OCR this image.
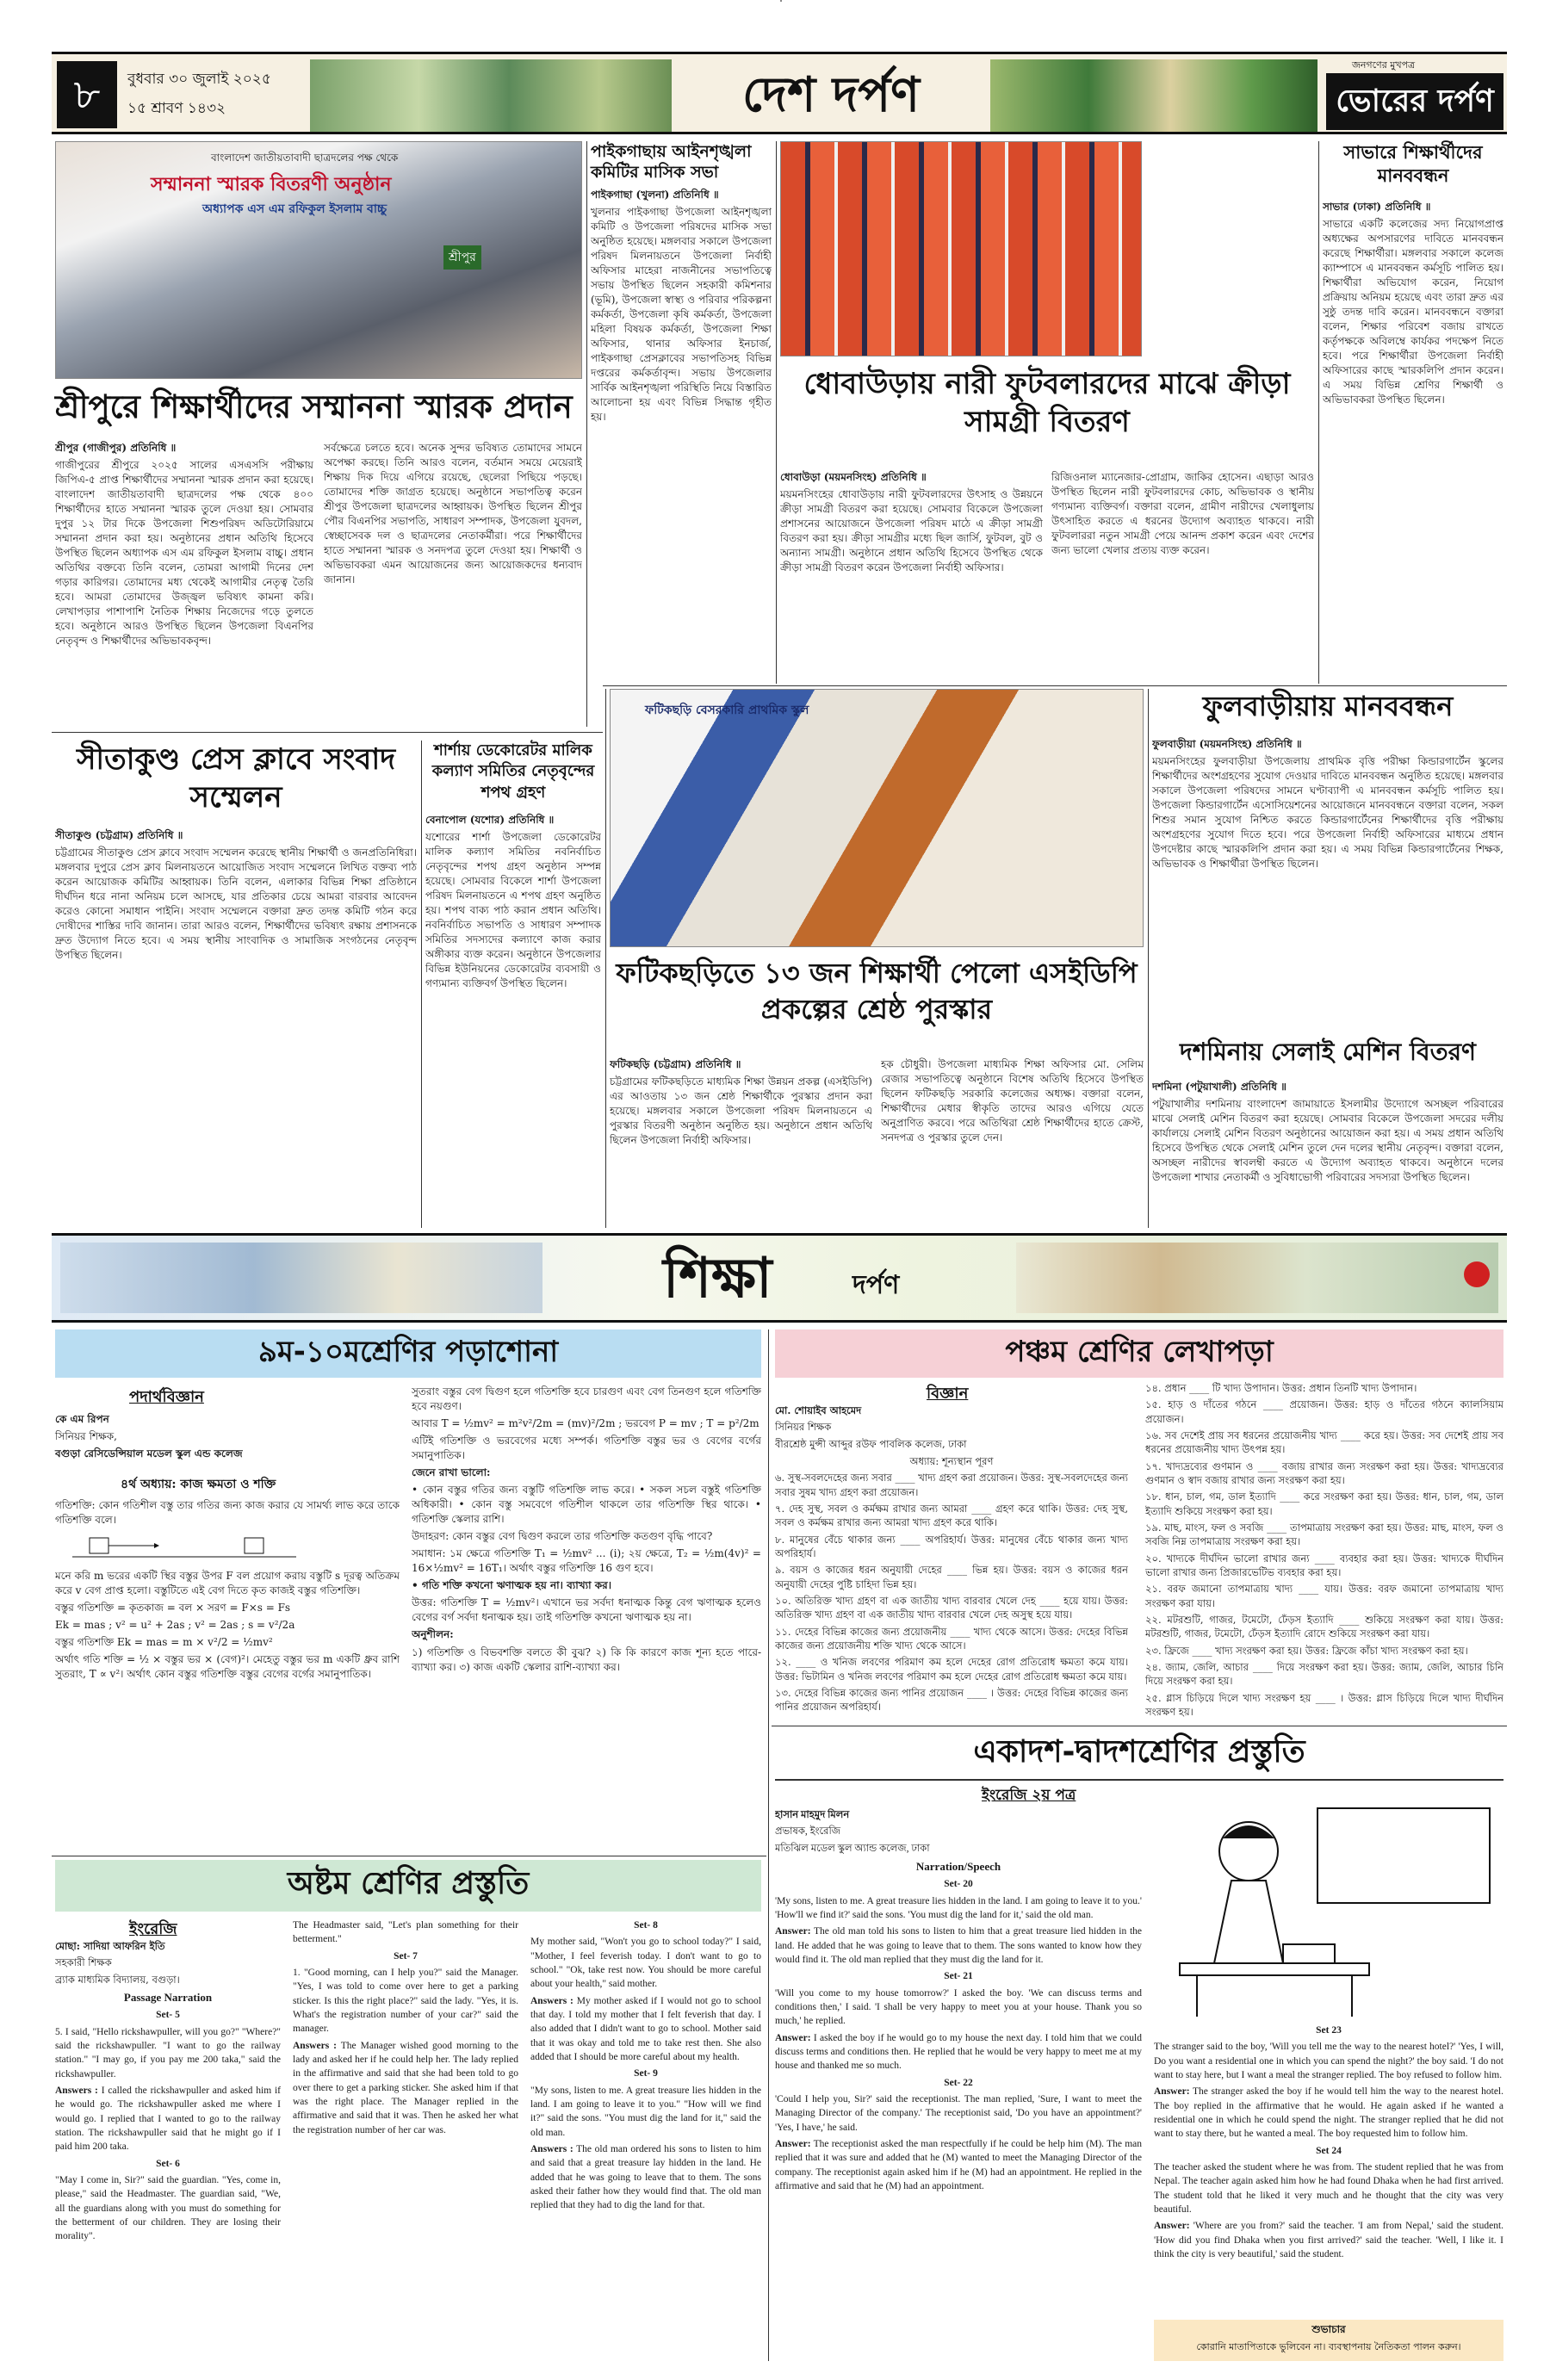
৮	বুধবার ৩০ জুলাই ২০২৫
১৫ শ্রাবণ ১৪৩২	দেশ দর্পণ
জনগণের মুখপত্র
ভোরের দর্পণ
বাংলাদেশ জাতীয়তাবাদী ছাত্রদলের পক্ষ থেকে
সম্মাননা স্মারক বিতরণী অনুষ্ঠান
অধ্যাপক এস এম রফিকুল ইসলাম বাচ্চু
শ্রীপুর
শ্রীপুরে শিক্ষার্থীদের সম্মাননা স্মারক প্রদান

শ্রীপুর (গাজীপুর) প্রতিনিধি ॥

গাজীপুরের শ্রীপুরে ২০২৫ সালের এসএসসি পরীক্ষায় জিপিএ-৫ প্রাপ্ত শিক্ষার্থীদের সম্মাননা স্মারক প্রদান করা হয়েছে। বাংলাদেশ জাতীয়তাবাদী ছাত্রদলের পক্ষ থেকে ৪০০ শিক্ষার্থীদের হাতে সম্মাননা স্মারক তুলে দেওয়া হয়। সোমবার দুপুর ১২ টার দিকে উপজেলা শিশুপরিষদ অডিটোরিয়ামে সম্মাননা প্রদান করা হয়। অনুষ্ঠানের প্রধান অতিথি হিসেবে উপস্থিত ছিলেন অধ্যাপক এস এম রফিকুল ইসলাম বাচ্চু। প্রধান অতিথির বক্তব্যে তিনি বলেন, তোমরা আগামী দিনের দেশ গড়ার কারিগর। তোমাদের মধ্য থেকেই আগামীর নেতৃত্ব তৈরি হবে। আমরা তোমাদের উজ্জ্বল ভবিষ্যৎ কামনা করি। লেখাপড়ার পাশাপাশি নৈতিক শিক্ষায় নিজেদের গড়ে তুলতে হবে। অনুষ্ঠানে আরও উপস্থিত ছিলেন উপজেলা বিএনপির নেতৃবৃন্দ ও শিক্ষার্থীদের অভিভাবকবৃন্দ।

সর্বক্ষেত্রে চলতে হবে। অনেক সুন্দর ভবিষ্যত তোমাদের সামনে অপেক্ষা করছে। তিনি আরও বলেন, বর্তমান সময়ে মেয়েরাই শিক্ষায় দিক দিয়ে এগিয়ে রয়েছে, ছেলেরা পিছিয়ে পড়ছে। তোমাদের শক্তি জাগ্রত হয়েছে। অনুষ্ঠানে সভাপতিত্ব করেন শ্রীপুর উপজেলা ছাত্রদলের আহ্বায়ক। উপস্থিত ছিলেন শ্রীপুর পৌর বিএনপির সভাপতি, সাধারণ সম্পাদক, উপজেলা যুবদল, স্বেচ্ছাসেবক দল ও ছাত্রদলের নেতাকর্মীরা। পরে শিক্ষার্থীদের হাতে সম্মাননা স্মারক ও সনদপত্র তুলে দেওয়া হয়। শিক্ষার্থী ও অভিভাবকরা এমন আয়োজনের জন্য আয়োজকদের ধন্যবাদ জানান।

পাইকগাছায় আইনশৃঙ্খলা কমিটির মাসিক সভা

পাইকগাছা (খুলনা) প্রতিনিধি ॥

খুলনার পাইকগাছা উপজেলা আইনশৃঙ্খলা কমিটি ও উপজেলা পরিষদের মাসিক সভা অনুষ্ঠিত হয়েছে। মঙ্গলবার সকালে উপজেলা পরিষদ মিলনায়তনে উপজেলা নির্বাহী অফিসার মাহেরা নাজনীনের সভাপতিত্বে সভায় উপস্থিত ছিলেন সহকারী কমিশনার (ভূমি), উপজেলা স্বাস্থ্য ও পরিবার পরিকল্পনা কর্মকর্তা, উপজেলা কৃষি কর্মকর্তা, উপজেলা মহিলা বিষয়ক কর্মকর্তা, উপজেলা শিক্ষা অফিসার, থানার অফিসার ইনচার্জ, পাইকগাছা প্রেসক্লাবের সভাপতিসহ বিভিন্ন দপ্তরের কর্মকর্তাবৃন্দ। সভায় উপজেলার সার্বিক আইনশৃঙ্খলা পরিস্থিতি নিয়ে বিস্তারিত আলোচনা হয় এবং বিভিন্ন সিদ্ধান্ত গৃহীত হয়।

ধোবাউড়ায় নারী ফুটবলারদের মাঝে ক্রীড়া সামগ্রী বিতরণ

ধোবাউড়া (ময়মনসিংহ) প্রতিনিধি ॥

ময়মনসিংহের ধোবাউড়ায় নারী ফুটবলারদের উৎসাহ ও উন্নয়নে ক্রীড়া সামগ্রী বিতরণ করা হয়েছে। সোমবার বিকেলে উপজেলা প্রশাসনের আয়োজনে উপজেলা পরিষদ মাঠে এ ক্রীড়া সামগ্রী বিতরণ করা হয়। ক্রীড়া সামগ্রীর মধ্যে ছিল জার্সি, ফুটবল, বুট ও অন্যান্য সামগ্রী। অনুষ্ঠানে প্রধান অতিথি হিসেবে উপস্থিত থেকে ক্রীড়া সামগ্রী বিতরণ করেন উপজেলা নির্বাহী অফিসার।

রিজিওনাল ম্যানেজার-প্রোগ্রাম, জাকির হোসেন। এছাড়া আরও উপস্থিত ছিলেন নারী ফুটবলারদের কোচ, অভিভাবক ও স্থানীয় গণ্যমান্য ব্যক্তিবর্গ। বক্তারা বলেন, গ্রামীণ নারীদের খেলাধুলায় উৎসাহিত করতে এ ধরনের উদ্যোগ অব্যাহত থাকবে। নারী ফুটবলাররা নতুন সামগ্রী পেয়ে আনন্দ প্রকাশ করেন এবং দেশের জন্য ভালো খেলার প্রত্যয় ব্যক্ত করেন।

সাভারে শিক্ষার্থীদের মানববন্ধন

সাভার (ঢাকা) প্রতিনিধি ॥

সাভারে একটি কলেজের সদ্য নিয়োগপ্রাপ্ত অধ্যক্ষের অপসারণের দাবিতে মানববন্ধন করেছে শিক্ষার্থীরা। মঙ্গলবার সকালে কলেজ ক্যাম্পাসে এ মানববন্ধন কর্মসূচি পালিত হয়। শিক্ষার্থীরা অভিযোগ করেন, নিয়োগ প্রক্রিয়ায় অনিয়ম হয়েছে এবং তারা দ্রুত এর সুষ্ঠু তদন্ত দাবি করেন। মানববন্ধনে বক্তারা বলেন, শিক্ষার পরিবেশ বজায় রাখতে কর্তৃপক্ষকে অবিলম্বে কার্যকর পদক্ষেপ নিতে হবে। পরে শিক্ষার্থীরা উপজেলা নির্বাহী অফিসারের কাছে স্মারকলিপি প্রদান করেন। এ সময় বিভিন্ন শ্রেণির শিক্ষার্থী ও অভিভাবকরা উপস্থিত ছিলেন।

সীতাকুণ্ড প্রেস ক্লাবে সংবাদ সম্মেলন

সীতাকুণ্ড (চট্টগ্রাম) প্রতিনিধি ॥

চট্টগ্রামের সীতাকুণ্ড প্রেস ক্লাবে সংবাদ সম্মেলন করেছে স্থানীয় শিক্ষার্থী ও জনপ্রতিনিধিরা। মঙ্গলবার দুপুরে প্রেস ক্লাব মিলনায়তনে আয়োজিত সংবাদ সম্মেলনে লিখিত বক্তব্য পাঠ করেন আয়োজক কমিটির আহ্বায়ক। তিনি বলেন, এলাকার বিভিন্ন শিক্ষা প্রতিষ্ঠানে দীর্ঘদিন ধরে নানা অনিয়ম চলে আসছে, যার প্রতিকার চেয়ে আমরা বারবার আবেদন করেও কোনো সমাধান পাইনি। সংবাদ সম্মেলনে বক্তারা দ্রুত তদন্ত কমিটি গঠন করে দোষীদের শাস্তির দাবি জানান। তারা আরও বলেন, শিক্ষার্থীদের ভবিষ্যৎ রক্ষায় প্রশাসনকে দ্রুত উদ্যোগ নিতে হবে। এ সময় স্থানীয় সাংবাদিক ও সামাজিক সংগঠনের নেতৃবৃন্দ উপস্থিত ছিলেন।

শার্শায় ডেকোরেটর মালিক কল্যাণ সমিতির নেতৃবৃন্দের শপথ গ্রহণ

বেনাপোল (যশোর) প্রতিনিধি ॥

যশোরের শার্শা উপজেলা ডেকোরেটর মালিক কল্যাণ সমিতির নবনির্বাচিত নেতৃবৃন্দের শপথ গ্রহণ অনুষ্ঠান সম্পন্ন হয়েছে। সোমবার বিকেলে শার্শা উপজেলা পরিষদ মিলনায়তনে এ শপথ গ্রহণ অনুষ্ঠিত হয়। শপথ বাক্য পাঠ করান প্রধান অতিথি। নবনির্বাচিত সভাপতি ও সাধারণ সম্পাদক সমিতির সদস্যদের কল্যাণে কাজ করার অঙ্গীকার ব্যক্ত করেন। অনুষ্ঠানে উপজেলার বিভিন্ন ইউনিয়নের ডেকোরেটর ব্যবসায়ী ও গণ্যমান্য ব্যক্তিবর্গ উপস্থিত ছিলেন।

ফটিকছড়ি বেসরকারি প্রাথমিক স্কুল
ফটিকছড়িতে ১৩ জন শিক্ষার্থী পেলো এসইডিপি প্রকল্পের শ্রেষ্ঠ পুরস্কার

ফটিকছড়ি (চট্টগ্রাম) প্রতিনিধি ॥

চট্টগ্রামের ফটিকছড়িতে মাধ্যমিক শিক্ষা উন্নয়ন প্রকল্প (এসইডিপি) এর আওতায় ১৩ জন শ্রেষ্ঠ শিক্ষার্থীকে পুরস্কার প্রদান করা হয়েছে। মঙ্গলবার সকালে উপজেলা পরিষদ মিলনায়তনে এ পুরস্কার বিতরণী অনুষ্ঠান অনুষ্ঠিত হয়। অনুষ্ঠানে প্রধান অতিথি ছিলেন উপজেলা নির্বাহী অফিসার।

হক চৌধুরী। উপজেলা মাধ্যমিক শিক্ষা অফিসার মো. সেলিম রেজার সভাপতিত্বে অনুষ্ঠানে বিশেষ অতিথি হিসেবে উপস্থিত ছিলেন ফটিকছড়ি সরকারি কলেজের অধ্যক্ষ। বক্তারা বলেন, শিক্ষার্থীদের মেধার স্বীকৃতি তাদের আরও এগিয়ে যেতে অনুপ্রাণিত করবে। পরে অতিথিরা শ্রেষ্ঠ শিক্ষার্থীদের হাতে ক্রেস্ট, সনদপত্র ও পুরস্কার তুলে দেন।

ফুলবাড়ীয়ায় মানববন্ধন

ফুলবাড়ীয়া (ময়মনসিংহ) প্রতিনিধি ॥

ময়মনসিংহের ফুলবাড়ীয়া উপজেলায় প্রাথমিক বৃত্তি পরীক্ষা কিন্ডারগার্টেন স্কুলের শিক্ষার্থীদের অংশগ্রহণের সুযোগ দেওয়ার দাবিতে মানববন্ধন অনুষ্ঠিত হয়েছে। মঙ্গলবার সকালে উপজেলা পরিষদের সামনে ঘণ্টাব্যাপী এ মানববন্ধন কর্মসূচি পালিত হয়। উপজেলা কিন্ডারগার্টেন এসোসিয়েশনের আয়োজনে মানববন্ধনে বক্তারা বলেন, সকল শিশুর সমান সুযোগ নিশ্চিত করতে কিন্ডারগার্টেনের শিক্ষার্থীদের বৃত্তি পরীক্ষায় অংশগ্রহণের সুযোগ দিতে হবে। পরে উপজেলা নির্বাহী অফিসারের মাধ্যমে প্রধান উপদেষ্টার কাছে স্মারকলিপি প্রদান করা হয়। এ সময় বিভিন্ন কিন্ডারগার্টেনের শিক্ষক, অভিভাবক ও শিক্ষার্থীরা উপস্থিত ছিলেন।

দশমিনায় সেলাই মেশিন বিতরণ

দশমিনা (পটুয়াখালী) প্রতিনিধি ॥

পটুয়াখালীর দশমিনায় বাংলাদেশ জামায়াতে ইসলামীর উদ্যোগে অসচ্ছল পরিবারের মাঝে সেলাই মেশিন বিতরণ করা হয়েছে। সোমবার বিকেলে উপজেলা সদরের দলীয় কার্যালয়ে সেলাই মেশিন বিতরণ অনুষ্ঠানের আয়োজন করা হয়। এ সময় প্রধান অতিথি হিসেবে উপস্থিত থেকে সেলাই মেশিন তুলে দেন দলের স্থানীয় নেতৃবৃন্দ। বক্তারা বলেন, অসচ্ছল নারীদের স্বাবলম্বী করতে এ উদ্যোগ অব্যাহত থাকবে। অনুষ্ঠানে দলের উপজেলা শাখার নেতাকর্মী ও সুবিধাভোগী পরিবারের সদস্যরা উপস্থিত ছিলেন।

শিক্ষা	দর্পণ
৯ম-১০মশ্রেণির পড়াশোনা
পদার্থবিজ্ঞান

কে এম রিপন

সিনিয়র শিক্ষক,

বগুড়া রেসিডেন্সিয়াল মডেল স্কুল এন্ড কলেজ

৪র্থ অধ্যায়: কাজ ক্ষমতা ও শক্তি

গতিশক্তি: কোন গতিশীল বস্তু তার গতির জন্য কাজ করার যে সামর্থ্য লাভ করে তাকে গতিশক্তি বলে।

মনে করি m ভরের একটি স্থির বস্তুর উপর F বল প্রয়োগ করায় বস্তুটি s দূরত্ব অতিক্রম করে v বেগ প্রাপ্ত হলো। বস্তুটিতে এই বেগ দিতে কৃত কাজই বস্তুর গতিশক্তি।

বস্তুর গতিশক্তি = কৃতকাজ = বল × সরণ = F×s = Fs

Ek = mas ; v² = u² + 2as ; v² = 2as ; s = v²/2a

বস্তুর গতিশক্তি Ek = mas = m × v²/2 = ½mv²

অর্থাৎ গতি শক্তি = ½ × বস্তুর ভর × (বেগ)²। মেহেতু বস্তুর ভর m একটি ধ্রুব রাশি সুতরাং, T ∝ v²। অর্থাৎ কোন বস্তুর গতিশক্তি বস্তুর বেগের বর্গের সমানুপাতিক।

সুতরাং বস্তুর বেগ দ্বিগুণ হলে গতিশক্তি হবে চারগুণ এবং বেগ তিনগুণ হলে গতিশক্তি হবে নয়গুণ।

আবার T = ½mv² = m²v²/2m = (mv)²/2m ; ভরবেগ P = mv ; T = p²/2m

এটিই গতিশক্তি ও ভরবেগের মধ্যে সম্পর্ক। গতিশক্তি বস্তুর ভর ও বেগের বর্গের সমানুপাতিক।

জেনে রাখা ভালো:

• কোন বস্তুর গতির জন্য বস্তুটি গতিশক্তি লাভ করে। • সকল সচল বস্তুই গতিশক্তি অধিকারী। • কোন বস্তু সমবেগে গতিশীল থাকলে তার গতিশক্তি স্থির থাকে। • গতিশক্তি স্কেলার রাশি।

উদাহরণ: কোন বস্তুর বেগ দ্বিগুণ করলে তার গতিশক্তি কতগুণ বৃদ্ধি পাবে?

সমাধান: ১ম ক্ষেত্রে গতিশক্তি T₁ = ½mv² ... (i); ২য় ক্ষেত্রে, T₂ = ½m(4v)² = 16×½mv² = 16T₁। অর্থাৎ বস্তুর গতিশক্তি 16 গুণ হবে।

• গতি শক্তি কখনো ঋণাত্মক হয় না। ব্যাখ্যা কর।

উত্তর: গতিশক্তি T = ½mv²। এখানে ভর সর্বদা ধনাত্মক কিন্তু বেগ ঋণাত্মক হলেও বেগের বর্গ সর্বদা ধনাত্মক হয়। তাই গতিশক্তি কখনো ঋণাত্মক হয় না।

অনুশীলন:

১) গতিশক্তি ও বিভবশক্তি বলতে কী বুঝ? ২) কি কি কারণে কাজ শূন্য হতে পারে-ব্যাখ্যা কর। ৩) কাজ একটি স্কেলার রাশি-ব্যাখ্যা কর।

অষ্টম শ্রেণির প্রস্তুতি
ইংরেজি

মোছা: সাদিয়া আফরিন ইতি

সহকারী শিক্ষক

ব্র্যাক মাধ্যমিক বিদ্যালয়, বগুড়া।

Passage Narration

Set- 5

5. I said, "Hello rickshawpuller, will you go?" "Where?" said the rickshawpuller. "I want to go the railway station." "I may go, if you pay me 200 taka," said the rickshawpuller.

Answers : I called the rickshawpuller and asked him if he would go. The rickshawpuller asked me where I would go. I replied that I wanted to go to the railway station. The rickshawpuller said that he might go if I paid him 200 taka.

Set- 6

"May I come in, Sir?" said the guardian. "Yes, come in, please," said the Headmaster. The guardian said, "We, all the guardians along with you must do something for the betterment of our children. They are losing their morality".

The Headmaster said, "Let's plan something for their betterment."

Set- 7

1. "Good morning, can I help you?" said the Manager. "Yes, I was told to come over here to get a parking sticker. Is this the right place?" said the lady. "Yes, it is. What's the registration number of your car?" said the manager.

Answers : The Manager wished good morning to the lady and asked her if he could help her. The lady replied in the affirmative and said that she had been told to go over there to get a parking sticker. She asked him if that was the right place. The Manager replied in the affirmative and said that it was. Then he asked her what the registration number of her car was.

Set- 8

My mother said, "Won't you go to school today?" I said, "Mother, I feel feverish today. I don't want to go to school." "Ok, take rest now. You should be more careful about your health," said mother.

Answers : My mother asked if I would not go to school that day. I told my mother that I felt feverish that day. I also added that I didn't want to go to school. Mother said that it was okay and told me to take rest then. She also added that I should be more careful about my health.

Set- 9

"My sons, listen to me. A great treasure lies hidden in the land. I am going to leave it to you." "How will we find it?" said the sons. "You must dig the land for it," said the old man.

Answers : The old man ordered his sons to listen to him and said that a great treasure lay hidden in the land. He added that he was going to leave that to them. The sons asked their father how they would find that. The old man replied that they had to dig the land for that.

পঞ্চম শ্রেণির লেখাপড়া
বিজ্ঞান

মো. শোয়াইব আহমেদ

সিনিয়র শিক্ষক

বীরশ্রেষ্ঠ মুন্সী আব্দুর রউফ পাবলিক কলেজ, ঢাকা

অধ্যায়: শূন্যস্থান পূরণ

৬. সুস্থ-সবলদেহের জন্য সবার ____ খাদ্য গ্রহণ করা প্রয়োজন। উত্তর: সুস্থ-সবলদেহের জন্য সবার সুষম খাদ্য গ্রহণ করা প্রয়োজন।

৭. দেহ সুস্থ, সবল ও কর্মক্ষম রাখার জন্য আমরা ____ গ্রহণ করে থাকি। উত্তর: দেহ সুস্থ, সবল ও কর্মক্ষম রাখার জন্য আমরা খাদ্য গ্রহণ করে থাকি।

৮. মানুষের বেঁচে থাকার জন্য ____ অপরিহার্য। উত্তর: মানুষের বেঁচে থাকার জন্য খাদ্য অপরিহার্য।

৯. বয়স ও কাজের ধরন অনুযায়ী দেহের ____ ভিন্ন হয়। উত্তর: বয়স ও কাজের ধরন অনুযায়ী দেহের পুষ্টি চাহিদা ভিন্ন হয়।

১০. অতিরিক্ত খাদ্য গ্রহণ বা এক জাতীয় খাদ্য বারবার খেলে দেহ ____ হয়ে যায়। উত্তর: অতিরিক্ত খাদ্য গ্রহণ বা এক জাতীয় খাদ্য বারবার খেলে দেহ অসুস্থ হয়ে যায়।

১১. দেহের বিভিন্ন কাজের জন্য প্রয়োজনীয় ____ খাদ্য থেকে আসে। উত্তর: দেহের বিভিন্ন কাজের জন্য প্রয়োজনীয় শক্তি খাদ্য থেকে আসে।

১২. ____ ও খনিজ লবণের পরিমাণ কম হলে দেহের রোগ প্রতিরোধ ক্ষমতা কমে যায়। উত্তর: ভিটামিন ও খনিজ লবণের পরিমাণ কম হলে দেহের রোগ প্রতিরোধ ক্ষমতা কমে যায়।

১৩. দেহের বিভিন্ন কাজের জন্য পানির প্রয়োজন ____ । উত্তর: দেহের বিভিন্ন কাজের জন্য পানির প্রয়োজন অপরিহার্য।

১৪. প্রধান ____ টি খাদ্য উপাদান। উত্তর: প্রধান তিনটি খাদ্য উপাদান।

১৫. হাড় ও দাঁতের গঠনে ____ প্রয়োজন। উত্তর: হাড় ও দাঁতের গঠনে ক্যালসিয়াম প্রয়োজন।

১৬. সব দেশেই প্রায় সব ধরনের প্রয়োজনীয় খাদ্য ____ করে হয়। উত্তর: সব দেশেই প্রায় সব ধরনের প্রয়োজনীয় খাদ্য উৎপন্ন হয়।

১৭. খাদ্যদ্রব্যের গুণমান ও ____ বজায় রাখার জন্য সংরক্ষণ করা হয়। উত্তর: খাদ্যদ্রব্যের গুণমান ও স্বাদ বজায় রাখার জন্য সংরক্ষণ করা হয়।

১৮. ধান, চাল, গম, ডাল ইত্যাদি ____ করে সংরক্ষণ করা হয়। উত্তর: ধান, চাল, গম, ডাল ইত্যাদি শুকিয়ে সংরক্ষণ করা হয়।

১৯. মাছ, মাংস, ফল ও সবজি ____ তাপমাত্রায় সংরক্ষণ করা হয়। উত্তর: মাছ, মাংস, ফল ও সবজি নিম্ন তাপমাত্রায় সংরক্ষণ করা হয়।

২০. খাদ্যকে দীর্ঘদিন ভালো রাখার জন্য ____ ব্যবহার করা হয়। উত্তর: খাদ্যকে দীর্ঘদিন ভালো রাখার জন্য প্রিজারভেটিভ ব্যবহার করা হয়।

২১. বরফ জমানো তাপমাত্রায় খাদ্য ____ যায়। উত্তর: বরফ জমানো তাপমাত্রায় খাদ্য সংরক্ষণ করা যায়।

২২. মটরশুটি, গাজর, টমেটো, ঢেঁড়স ইত্যাদি ____ শুকিয়ে সংরক্ষণ করা যায়। উত্তর: মটরশুটি, গাজর, টমেটো, ঢেঁড়স ইত্যাদি রোদে শুকিয়ে সংরক্ষণ করা যায়।

২৩. ফ্রিজে ____ খাদ্য সংরক্ষণ করা হয়। উত্তর: ফ্রিজে কাঁচা খাদ্য সংরক্ষণ করা হয়।

২৪. জ্যাম, জেলি, আচার ____ দিয়ে সংরক্ষণ করা হয়। উত্তর: জ্যাম, জেলি, আচার চিনি দিয়ে সংরক্ষণ করা হয়।

২৫. গ্লাস চিড়িয়ে দিলে খাদ্য সংরক্ষণ হয় ____ । উত্তর: গ্লাস চিড়িয়ে দিলে খাদ্য দীর্ঘদিন সংরক্ষণ হয়।

একাদশ-দ্বাদশশ্রেণির প্রস্তুতি
ইংরেজি ২য় পত্র

হাসান মাহমুদ মিলন

প্রভাষক, ইংরেজি

মতিঝিল মডেল স্কুল অ্যান্ড কলেজ, ঢাকা

Narration/Speech

Set- 20

'My sons, listen to me. A great treasure lies hidden in the land. I am going to leave it to you.' 'How'll we find it?' said the sons. 'You must dig the land for it,' said the old man.

Answer: The old man told his sons to listen to him that a great treasure lied hidden in the land. He added that he was going to leave that to them. The sons wanted to know how they would find it. The old man replied that they must dig the land for it.

Set- 21

'Will you come to my house tomorrow?' I asked the boy. 'We can discuss terms and conditions then,' I said. 'I shall be very happy to meet you at your house. Thank you so much,' he replied.

Answer: I asked the boy if he would go to my house the next day. I told him that we could discuss terms and conditions then. He replied that he would be very happy to meet me at my house and thanked me so much.

Set- 22

'Could I help you, Sir?' said the receptionist. The man replied, 'Sure, I want to meet the Managing Director of the company.' The receptionist said, 'Do you have an appointment?' 'Yes, I have,' he said.

Answer: The receptionist asked the man respectfully if he could be help him (M). The man replied that it was sure and added that he (M) wanted to meet the Managing Director of the company. The receptionist again asked him if he (M) had an appointment. He replied in the affirmative and said that he (M) had an appointment.

Set 23

The stranger said to the boy, 'Will you tell me the way to the nearest hotel?' 'Yes, I will, Do you want a residential one in which you can spend the night?' the boy said. 'I do not want to stay here, but I want a meal the stranger replied. The boy refused to follow him.

Answer: The stranger asked the boy if he would tell him the way to the nearest hotel. The boy replied in the affirmative that he would. He again asked if he wanted a residential one in which he could spend the night. The stranger replied that he did not want to stay there, but he wanted a meal. The boy requested him to follow him.

Set 24

The teacher asked the student where he was from. The student replied that he was from Nepal. The teacher again asked him how he had found Dhaka when he had first arrived. The student told that he liked it very much and he thought that the city was very beautiful.

Answer: 'Where are you from?' said the teacher. 'I am from Nepal,' said the student. 'How did you find Dhaka when you first arrived?' said the teacher. 'Well, I like it. I think the city is very beautiful,' said the student.

শুভাচার

কোরানি মাতাপিতাকে ভুলিবেন না। ব্যবস্থাপনায় নৈতিকতা পালন করুন।
